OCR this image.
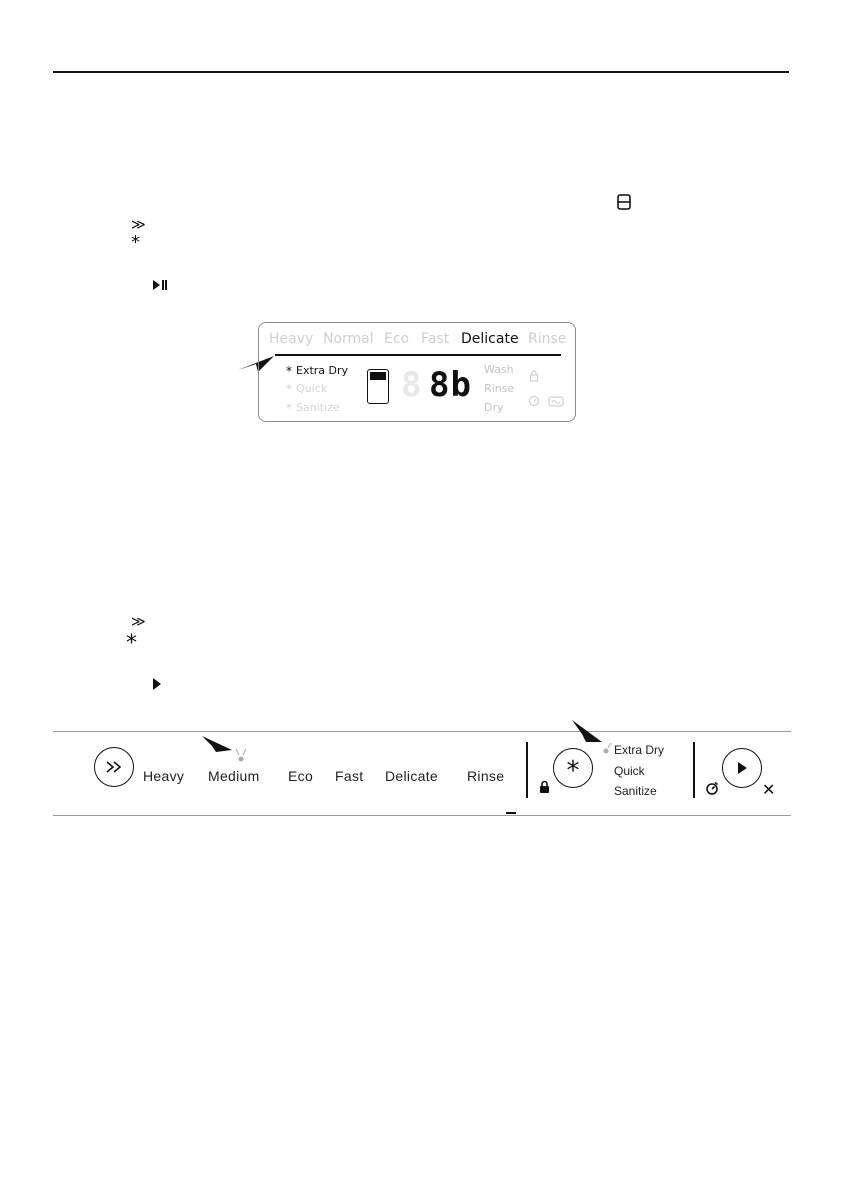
≫
*
Heavy Normal Eco Fast Delicate Rinse
* Extra Dry
* Quick
* Sanitize
8 8b Wash
Rinse
Dry
≫
*
Heavy Medium Eco Fast Delicate Rinse *
Extra Dry
Quick
Sanitize	✕
